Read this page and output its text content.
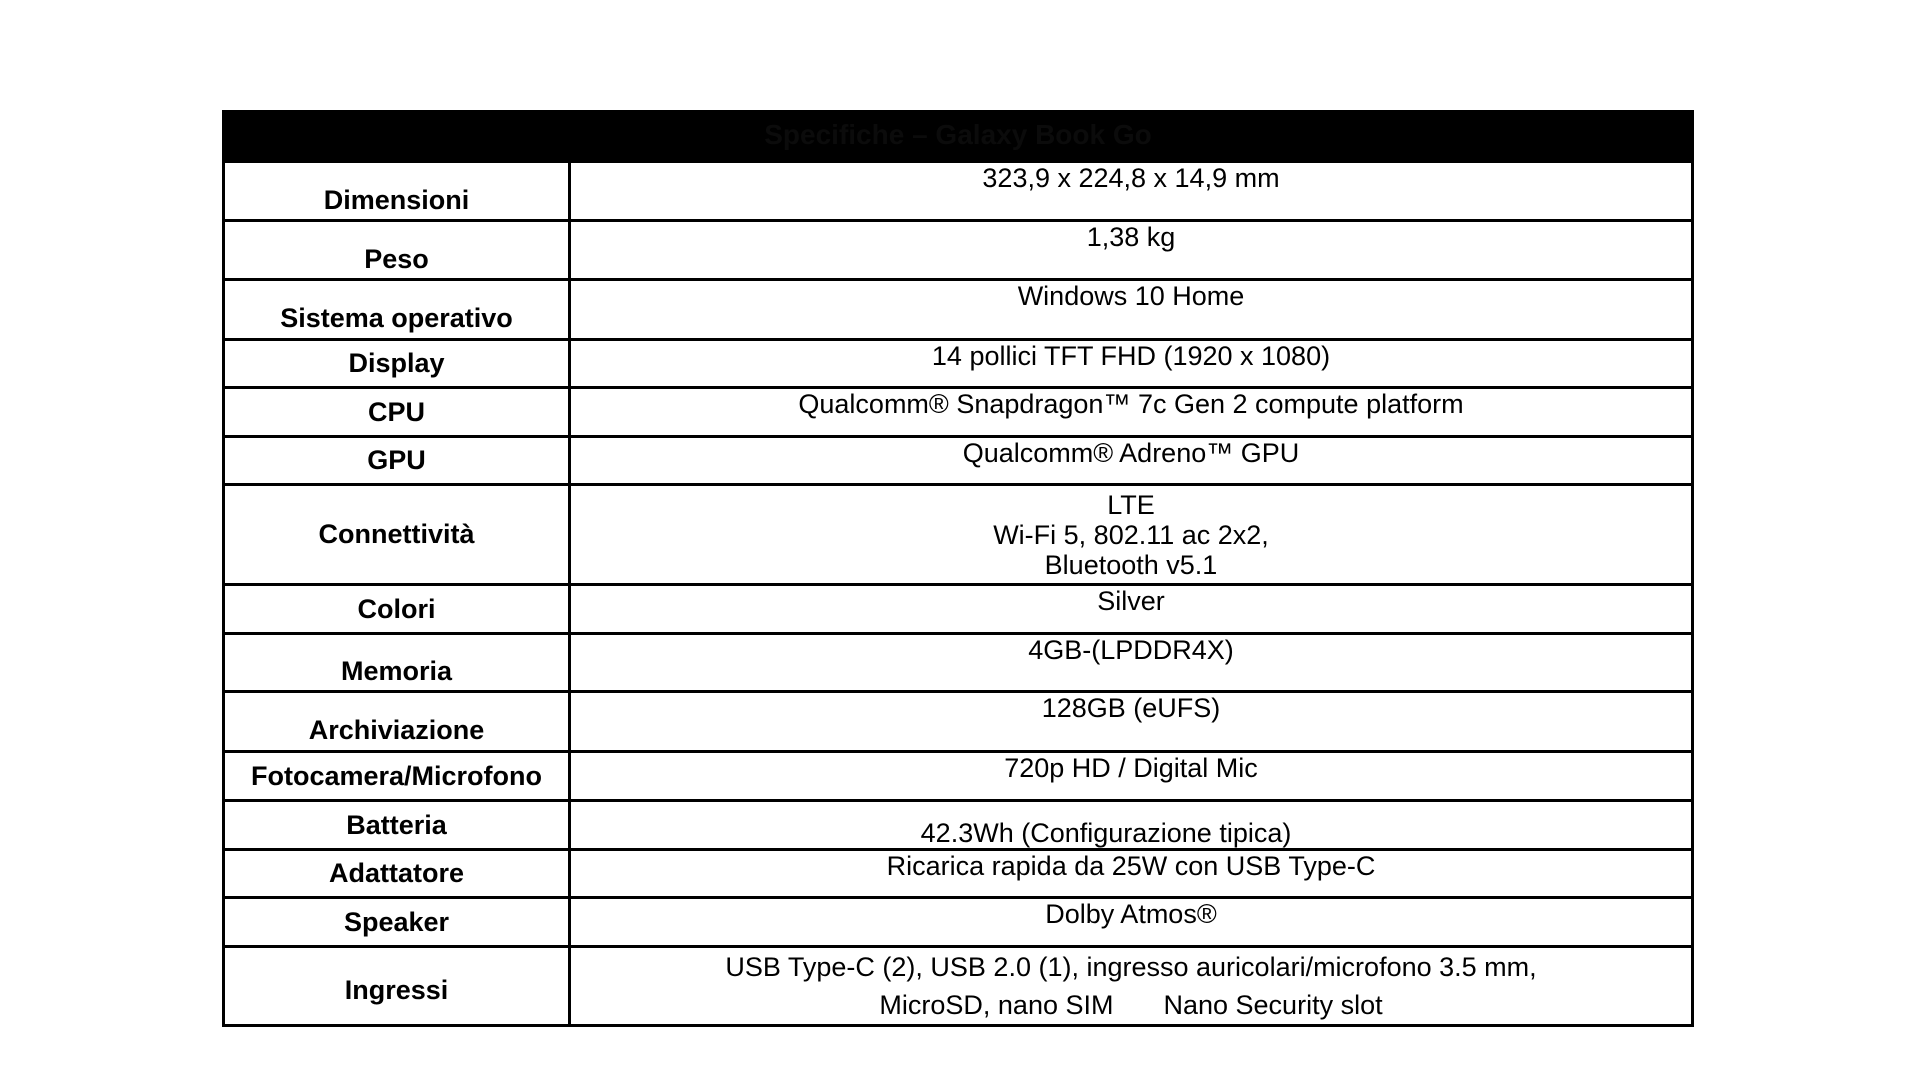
Specifiche – Galaxy Book Go
Dimensioni	323,9 x 224,8 x 14,9 mm

Peso	1,38 kg

Sistema operativo	Windows 10 Home

Display	14 pollici TFT FHD (1920 x 1080)

CPU	Qualcomm® Snapdragon™ 7c Gen 2 compute platform

GPU	Qualcomm® Adreno™ GPU

Connettività	LTE
Wi-Fi 5, 802.11 ac 2x2,
Bluetooth v5.1

Colori	Silver

Memoria	4GB-(LPDDR4X)

Archiviazione	128GB (eUFS)

Fotocamera/Microfono	720p HD / Digital Mic

Batteria	42.3Wh (Configurazione tipica)

Adattatore	Ricarica rapida da 25W con USB Type-C

Speaker	Dolby Atmos®

Ingressi	USB Type-C (2), USB 2.0 (1), ingresso auricolari/microfono 3.5 mm,
MicroSD, nano SIM Nano Security slot
